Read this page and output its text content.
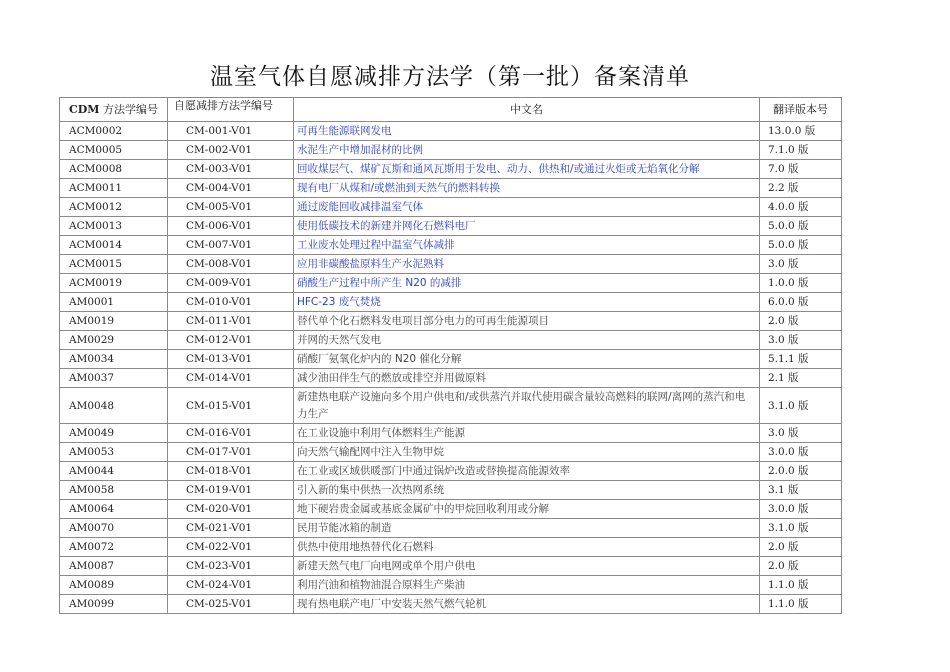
温室气体自愿减排方法学（第一批）备案清单
CDM 方法学编号	自愿减排方法学编号	中文名	翻译版本号
ACM0002	CM-001-V01	可再生能源联网发电	13.0.0 版
ACM0005	CM-002-V01	水泥生产中增加混材的比例	7.1.0 版
ACM0008	CM-003-V01	回收煤层气、煤矿瓦斯和通风瓦斯用于发电、动力、供热和/或通过火炬或无焰氧化分解	7.0 版
ACM0011	CM-004-V01	现有电厂从煤和/或燃油到天然气的燃料转换	2.2 版
ACM0012	CM-005-V01	通过废能回收减排温室气体	4.0.0 版
ACM0013	CM-006-V01	使用低碳技术的新建并网化石燃料电厂	5.0.0 版
ACM0014	CM-007-V01	工业废水处理过程中温室气体减排	5.0.0 版
ACM0015	CM-008-V01	应用非碳酸盐原料生产水泥熟料	3.0 版
ACM0019	CM-009-V01	硝酸生产过程中所产生 N20 的减排	1.0.0 版
AM0001	CM-010-V01	HFC-23 废气焚烧	6.0.0 版
AM0019	CM-011-V01	替代单个化石燃料发电项目部分电力的可再生能源项目	2.0 版
AM0029	CM-012-V01	并网的天然气发电	3.0 版
AM0034	CM-013-V01	硝酸厂氨氧化炉内的 N20 催化分解	5.1.1 版
AM0037	CM-014-V01	减少油田伴生气的燃放或排空并用做原料	2.1 版
AM0048	CM-015-V01	新建热电联产设施向多个用户供电和/或供蒸汽并取代使用碳含量较高燃料的联网/离网的蒸汽和电力生产	3.1.0 版
AM0049	CM-016-V01	在工业设施中利用气体燃料生产能源	3.0 版
AM0053	CM-017-V01	向天然气输配网中注入生物甲烷	3.0.0 版
AM0044	CM-018-V01	在工业或区域供暖部门中通过锅炉改造或替换提高能源效率	2.0.0 版
AM0058	CM-019-V01	引入新的集中供热一次热网系统	3.1 版
AM0064	CM-020-V01	地下硬岩贵金属或基底金属矿中的甲烷回收利用或分解	3.0.0 版
AM0070	CM-021-V01	民用节能冰箱的制造	3.1.0 版
AM0072	CM-022-V01	供热中使用地热替代化石燃料	2.0 版
AM0087	CM-023-V01	新建天然气电厂向电网或单个用户供电	2.0 版
AM0089	CM-024-V01	利用汽油和植物油混合原料生产柴油	1.1.0 版
AM0099	CM-025-V01	现有热电联产电厂中安装天然气燃气轮机	1.1.0 版
